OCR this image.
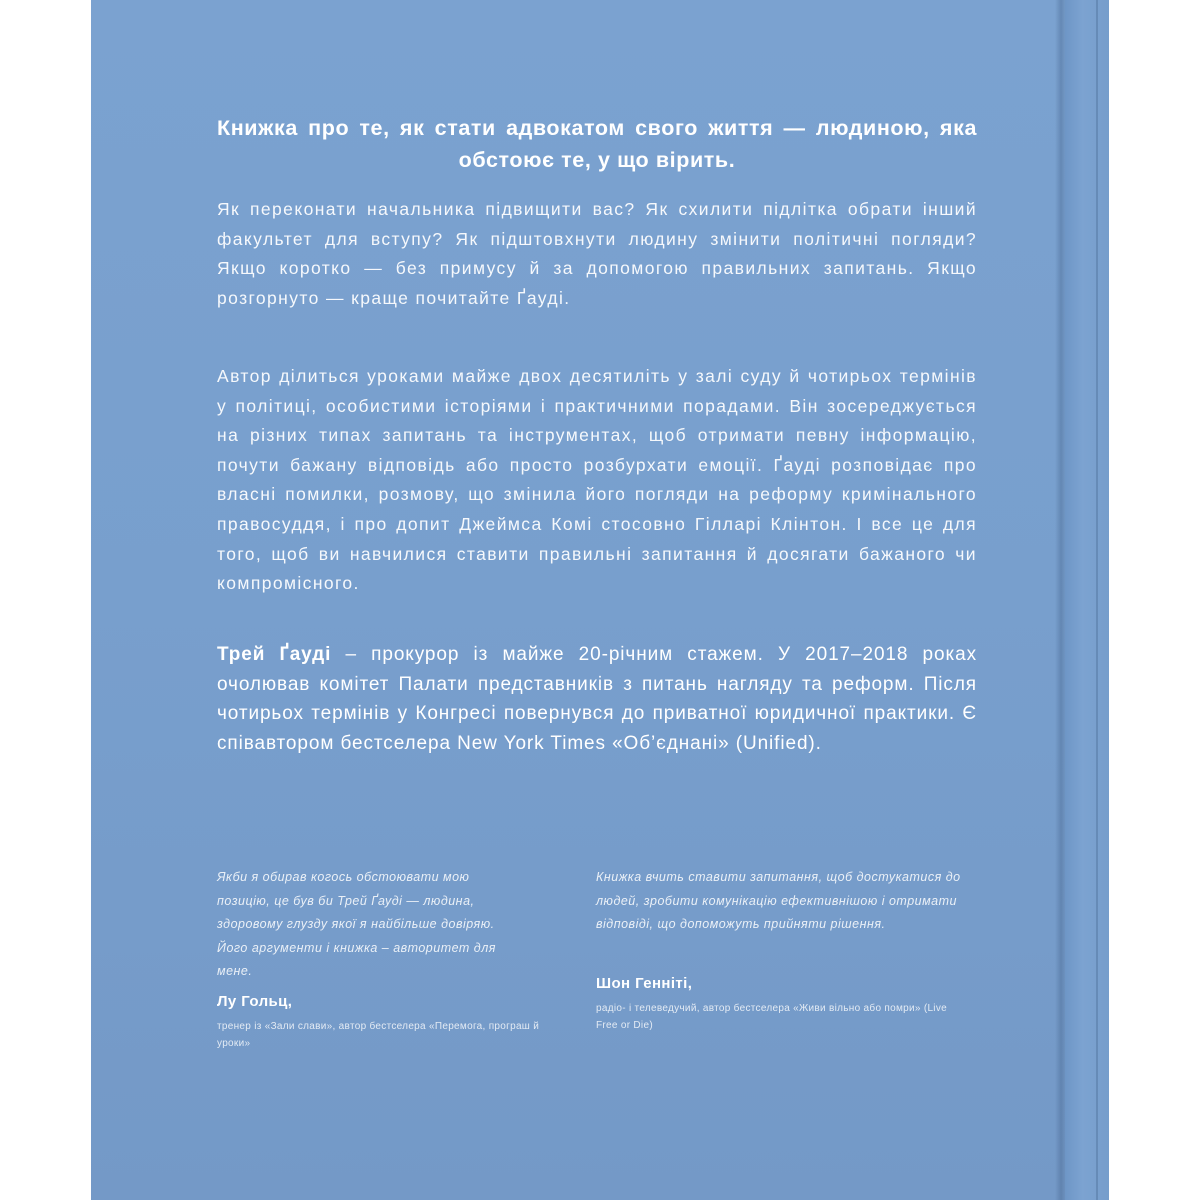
Книжка про те, як стати адвокатом свого життя — людиною, яка обстоює те, у що вірить.
Як переконати начальника підвищити вас? Як схилити підлітка обрати інший факультет для вступу? Як підштовхнути людину змінити політичні погляди? Якщо коротко — без примусу й за допомогою правильних запитань. Якщо розгорнуто — краще почитайте Ґауді.
Автор ділиться уроками майже двох десятиліть у залі суду й чотирьох термінів у політиці, особистими історіями і практичними порадами. Він зосереджується на різних типах запитань та інструментах, щоб отримати певну інформацію, почути бажану відповідь або просто розбурхати емоції. Ґауді розповідає про власні помилки, розмову, що змінила його погляди на реформу кримінального правосуддя, і про допит Джеймса Комі стосовно Гілларі Клінтон. І все це для того, щоб ви навчилися ставити правильні запитання й досягати бажаного чи компромісного.
Трей Ґауді – прокурор із майже 20-річним стажем. У 2017–2018 роках очолював комітет Палати представників з питань нагляду та реформ. Після чотирьох термінів у Конгресі повернувся до приватної юридичної практики. Є співавтором бестселера New York Times «Об’єднані» (Unified).
Якби я обирав когось обстоювати мою позицію, це був би Трей Ґауді — людина, здоровому глузду якої я найбільше довіряю. Його аргументи і книжка – авторитет для мене.
Лу Гольц,
тренер із «Зали слави», автор бестселера «Перемога, програш й уроки»
Книжка вчить ставити запитання, щоб достукатися до людей, зробити комунікацію ефективнішою і отримати відповіді, що допоможуть прийняти рішення.
Шон Генніті,
радіо- і телеведучий, автор бестселера «Живи вільно або помри» (Live Free or Die)
